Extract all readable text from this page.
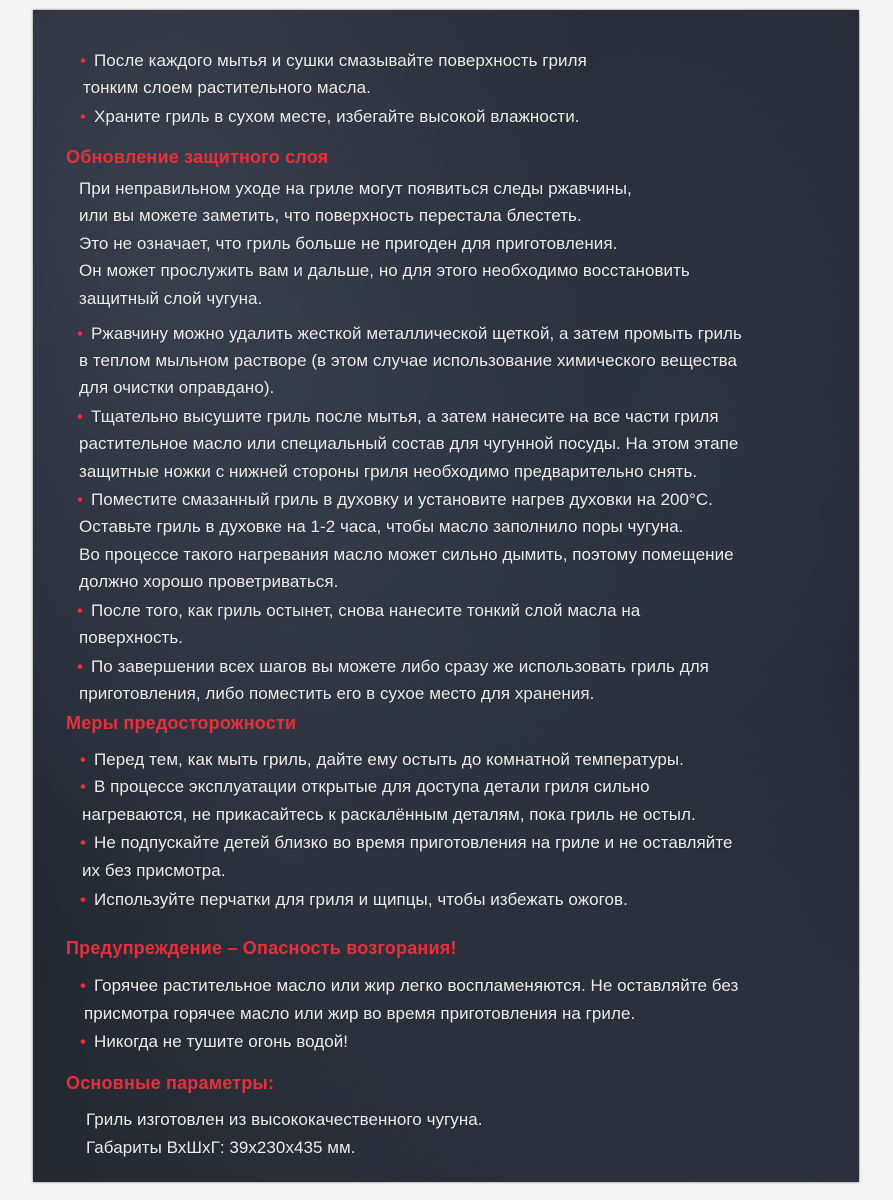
• После каждого мытья и сушки смазывайте поверхность гриля
тонким слоем растительного масла.
• Храните гриль в сухом месте, избегайте высокой влажности.
Обновление защитного слоя
При неправильном уходе на гриле могут появиться следы ржавчины,
или вы можете заметить, что поверхность перестала блестеть.
Это не означает, что гриль больше не пригоден для приготовления.
Он может прослужить вам и дальше, но для этого необходимо восстановить
защитный слой чугуна.
• Ржавчину можно удалить жесткой металлической щеткой, а затем промыть гриль
в теплом мыльном растворе (в этом случае использование химического вещества
для очистки оправдано).
• Тщательно высушите гриль после мытья, а затем нанесите на все части гриля
растительное масло или специальный состав для чугунной посуды. На этом этапе
защитные ножки с нижней стороны гриля необходимо предварительно снять.
• Поместите смазанный гриль в духовку и установите нагрев духовки на 200°С.
Оставьте гриль в духовке на 1-2 часа, чтобы масло заполнило поры чугуна.
Во процессе такого нагревания масло может сильно дымить, поэтому помещение
должно хорошо проветриваться.
• После того, как гриль остынет, снова нанесите тонкий слой масла на
поверхность.
• По завершении всех шагов вы можете либо сразу же использовать гриль для
приготовления, либо поместить его в сухое место для хранения.
Меры предосторожности
• Перед тем, как мыть гриль, дайте ему остыть до комнатной температуры.
• В процессе эксплуатации открытые для доступа детали гриля сильно
нагреваются, не прикасайтесь к раскалённым деталям, пока гриль не остыл.
• Не подпускайте детей близко во время приготовления на гриле и не оставляйте
их без присмотра.
• Используйте перчатки для гриля и щипцы, чтобы избежать ожогов.
Предупреждение – Опасность возгорания!
• Горячее растительное масло или жир легко воспламеняются. Не оставляйте без
присмотра горячее масло или жир во время приготовления на гриле.
• Никогда не тушите огонь водой!
Основные параметры:
Гриль изготовлен из высококачественного чугуна.
Габариты ВхШхГ: 39х230х435 мм.
